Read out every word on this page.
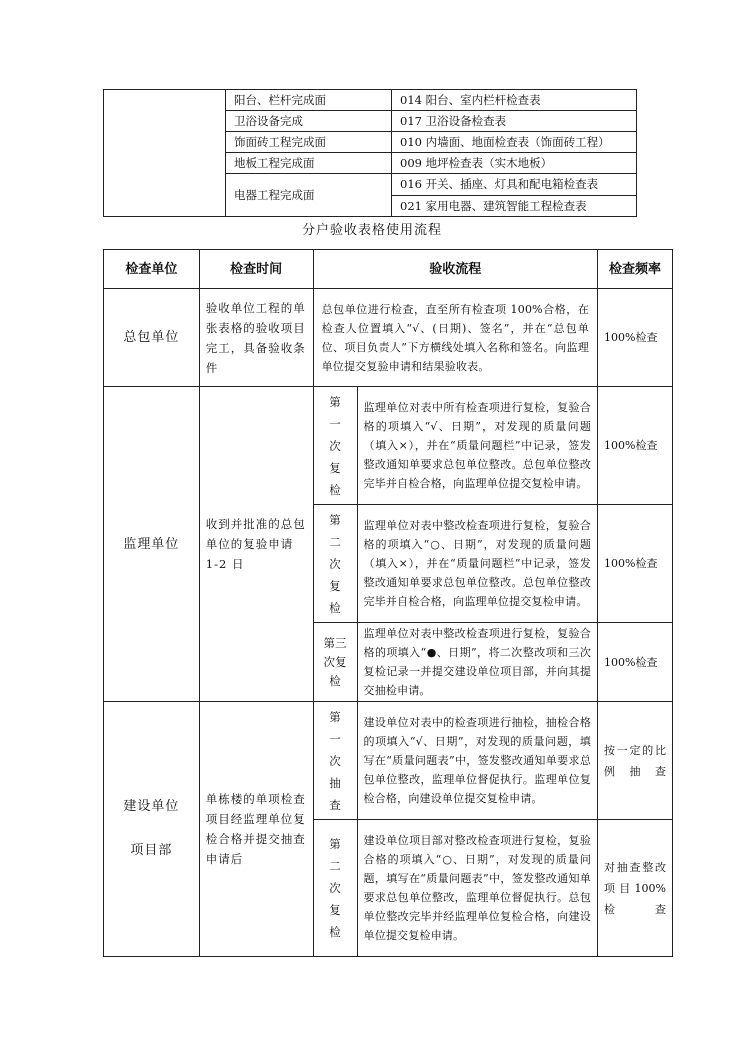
	阳台、栏杆完成面	014 阳台、室内栏杆检查表
	卫浴设备完成	017 卫浴设备检查表
	饰面砖工程完成面	010 内墙面、地面检查表（饰面砖工程）
	地板工程完成面	009 地坪检查表（实木地板）
	电器工程完成面	016 开关、插座、灯具和配电箱检查表
		021 家用电器、建筑智能工程检查表
分户验收表格使用流程
检查单位	检查时间	验收流程		检查频率
总包单位	验收单位工程的单张表格的验收项目完工，具备验收条件	总包单位进行检查，直至所有检查项 100%合格，在检查人位置填入“√、(日期)、签名”，并在“总包单位、项目负责人”下方横线处填入名称和签名。向监理单位提交复验申请和结果验收表。		100%检查
监理单位	收到并批准的总包单位的复验申请 1-2 日	第一次复检	监理单位对表中所有检查项进行复检，复验合格的项填入“√、日期”，对发现的质量问题（填入×），并在“质量问题栏”中记录，签发整改通知单要求总包单位整改。总包单位整改完毕并自检合格，向监理单位提交复检申请。	100%检查

		第二次复检	监理单位对表中整改检查项进行复检，复验合格的项填入“○、日期”，对发现的质量问题（填入×），并在“质量问题栏”中记录，签发整改通知单要求总包单位整改。总包单位整改完毕并自检合格，向监理单位提交复检申请。	100%检查

		第三次复检	监理单位对表中整改检查项进行复检，复验合格的项填入“●、日期”，将二次整改项和三次复检记录一并提交建设单位项目部，并向其提交抽检申请。	100%检查

建设单位
项目部	单栋楼的单项检查项目经监理单位复检合格并提交抽查申请后	第一次抽查	建设单位对表中的检查项进行抽检，抽检合格的项填入“√、日期”，对发现的质量问题，填写在“质量问题表”中，签发整改通知单要求总包单位整改，监理单位督促执行。监理单位复检合格，向建设单位提交复检申请。	按一定的比例抽查

		第二次复检	建设单位项目部对整改检查项进行复检，复验合格的项填入“○、日期”，对发现的质量问题，填写在“质量问题表”中，签发整改通知单要求总包单位整改，监理单位督促执行。总包单位整改完毕并经监理单位复检合格，向建设单位提交复检申请。	对抽查整改项目100%检查
